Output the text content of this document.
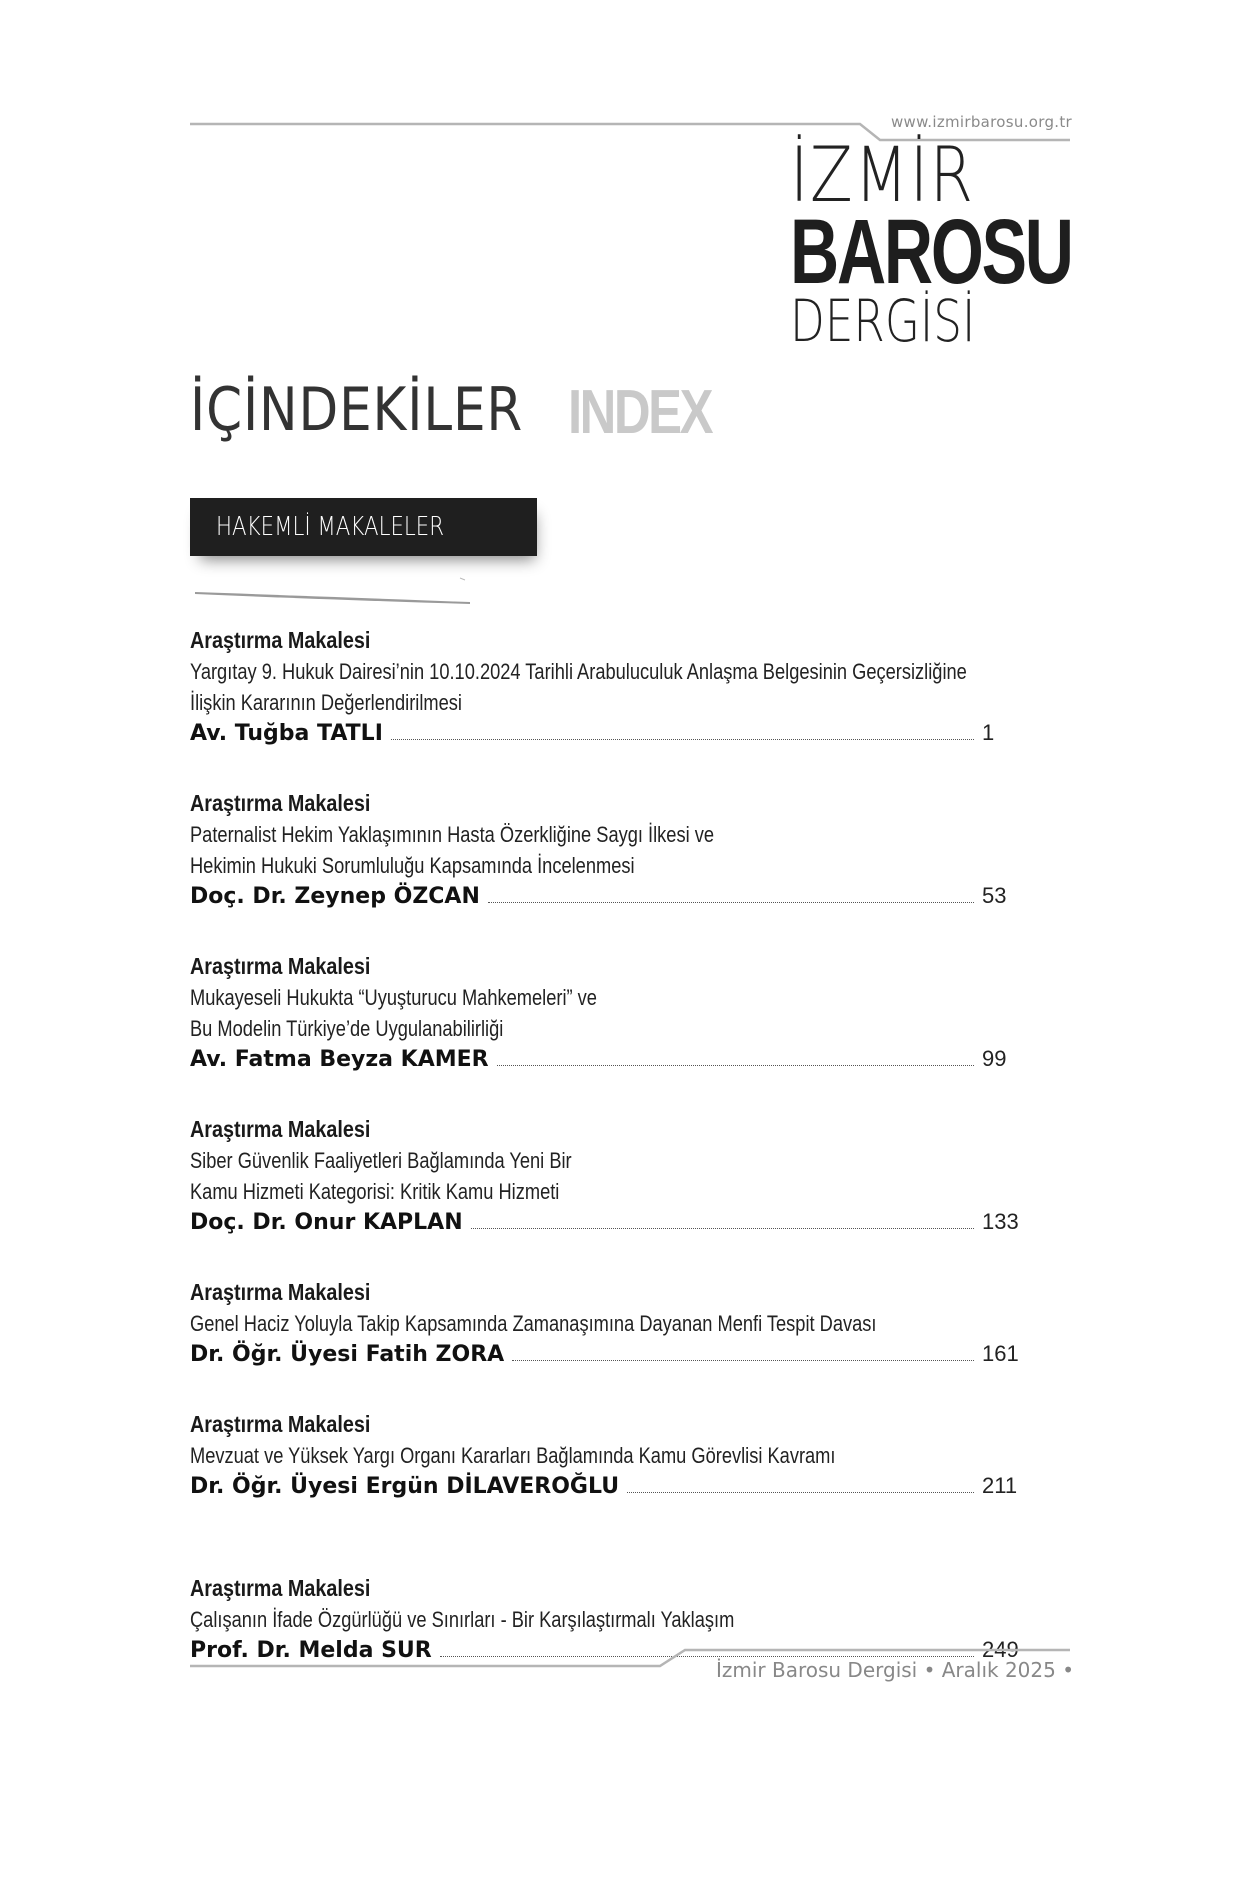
www.izmirbarosu.org.tr
İZMİR
BAROSU
DERGİSİ
İÇİNDEKİLER INDEX
HAKEMLİ MAKALELER
Araştırma Makalesi
Yargıtay 9. Hukuk Dairesi’nin 10.10.2024 Tarihli Arabuluculuk Anlaşma Belgesinin Geçersizliğine
İlişkin Kararının Değerlendirilmesi
Av. Tuğba TATLI	1
Araştırma Makalesi
Paternalist Hekim Yaklaşımının Hasta Özerkliğine Saygı İlkesi ve
Hekimin Hukuki Sorumluluğu Kapsamında İncelenmesi
Doç. Dr. Zeynep ÖZCAN	53
Araştırma Makalesi
Mukayeseli Hukukta “Uyuşturucu Mahkemeleri” ve
Bu Modelin Türkiye’de Uygulanabilirliği
Av. Fatma Beyza KAMER	99
Araştırma Makalesi
Siber Güvenlik Faaliyetleri Bağlamında Yeni Bir
Kamu Hizmeti Kategorisi: Kritik Kamu Hizmeti
Doç. Dr. Onur KAPLAN	133
Araştırma Makalesi
Genel Haciz Yoluyla Takip Kapsamında Zamanaşımına Dayanan Menfi Tespit Davası
Dr. Öğr. Üyesi Fatih ZORA	161
Araştırma Makalesi
Mevzuat ve Yüksek Yargı Organı Kararları Bağlamında Kamu Görevlisi Kavramı
Dr. Öğr. Üyesi Ergün DİLAVEROĞLU	211
Araştırma Makalesi
Çalışanın İfade Özgürlüğü ve Sınırları - Bir Karşılaştırmalı Yaklaşım
Prof. Dr. Melda SUR	249
İzmir Barosu Dergisi • Aralık 2025 •
